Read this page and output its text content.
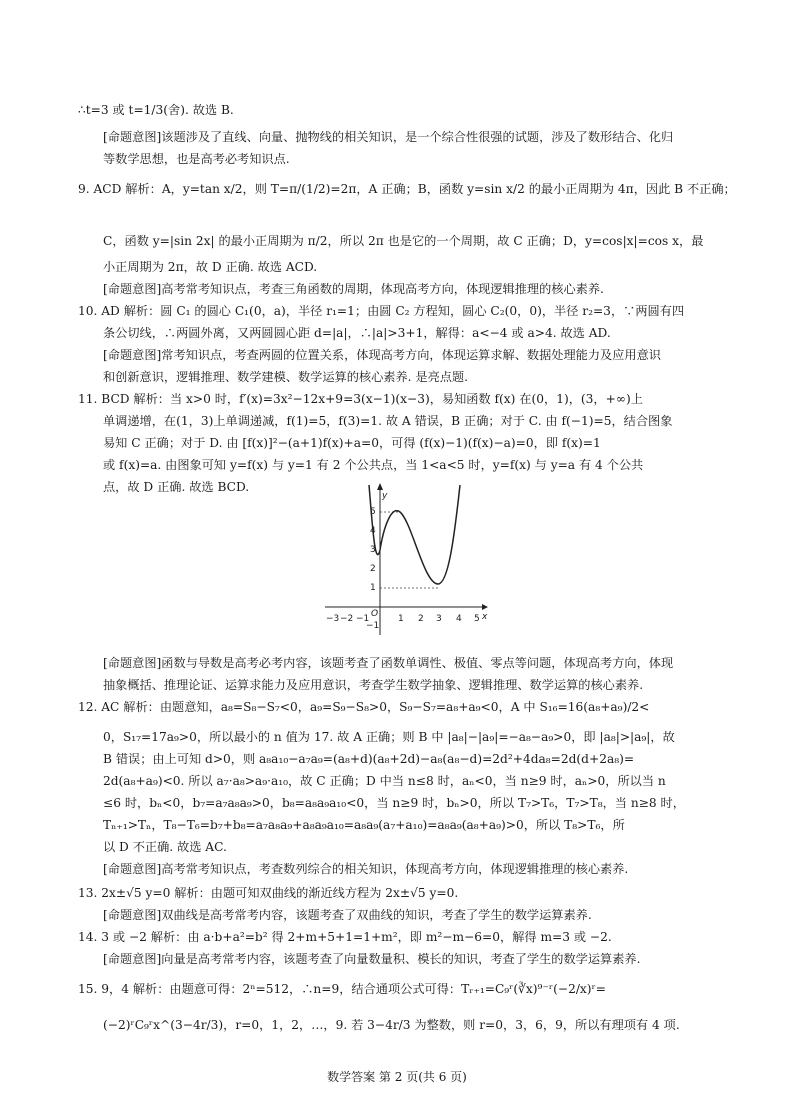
∴t=3 或 t=1/3(舍). 故选 B.
[命题意图]该题涉及了直线、向量、抛物线的相关知识，是一个综合性很强的试题，涉及了数形结合、化归
等数学思想，也是高考必考知识点.
9. ACD 解析：A，y=tan x/2，则 T=π/(1/2)=2π，A 正确；B，函数 y=sin x/2 的最小正周期为 4π，因此 B 不正确；
C，函数 y=|sin 2x| 的最小正周期为 π/2，所以 2π 也是它的一个周期，故 C 正确；D，y=cos|x|=cos x，最
小正周期为 2π，故 D 正确. 故选 ACD.
[命题意图]高考常考知识点，考查三角函数的周期，体现高考方向，体现逻辑推理的核心素养.
10. AD 解析：圆 C₁ 的圆心 C₁(0，a)，半径 r₁=1；由圆 C₂ 方程知，圆心 C₂(0，0)，半径 r₂=3，∵两圆有四
条公切线，∴两圆外离，又两圆圆心距 d=|a|，∴|a|>3+1，解得：a<−4 或 a>4. 故选 AD.
[命题意图]常考知识点，考查两圆的位置关系，体现高考方向，体现运算求解、数据处理能力及应用意识
和创新意识，逻辑推理、数学建模、数学运算的核心素养. 是亮点题.
11. BCD 解析：当 x>0 时，f′(x)=3x²−12x+9=3(x−1)(x−3)，易知函数 f(x) 在(0，1)，(3，+∞)上
单调递增，在(1，3)上单调递减，f(1)=5，f(3)=1. 故 A 错误，B 正确；对于 C. 由 f(−1)=5，结合图象
易知 C 正确；对于 D. 由 [f(x)]²−(a+1)f(x)+a=0，可得 (f(x)−1)(f(x)−a)=0，即 f(x)=1
或 f(x)=a. 由图象可知 y=f(x) 与 y=1 有 2 个公共点，当 1<a<5 时，y=f(x) 与 y=a 有 4 个公共
点，故 D 正确. 故选 BCD.
−3 −2 −1	1 2 3 4 5
y
x
O
5
4
3
2
1
−1
[命题意图]函数与导数是高考必考内容，该题考查了函数单调性、极值、零点等问题，体现高考方向，体现
抽象概括、推理论证、运算求能力及应用意识，考查学生数学抽象、逻辑推理、数学运算的核心素养.
12. AC 解析：由题意知，a₈=S₈−S₇<0，a₉=S₉−S₈>0，S₉−S₇=a₈+a₉<0，A 中 S₁₆=16(a₈+a₉)/2<
0，S₁₇=17a₉>0，所以最小的 n 值为 17. 故 A 正确；则 B 中 |a₈|−|a₉|=−a₈−a₉>0，即 |a₈|>|a₉|，故
B 错误；由上可知 d>0，则 a₈a₁₀−a₇a₉=(a₈+d)(a₈+2d)−a₈(a₈−d)=2d²+4da₈=2d(d+2a₈)=
2d(a₈+a₉)<0. 所以 a₇·a₈>a₉·a₁₀，故 C 正确；D 中当 n≤8 时，aₙ<0，当 n≥9 时，aₙ>0，所以当 n
≤6 时，bₙ<0，b₇=a₇a₈a₉>0，b₈=a₈a₉a₁₀<0，当 n≥9 时，bₙ>0，所以 T₇>T₆，T₇>T₈，当 n≥8 时，
Tₙ₊₁>Tₙ，T₈−T₆=b₇+b₈=a₇a₈a₉+a₈a₉a₁₀=a₈a₉(a₇+a₁₀)=a₈a₉(a₈+a₉)>0，所以 T₈>T₆，所
以 D 不正确. 故选 AC.
[命题意图]高考常考知识点，考查数列综合的相关知识，体现高考方向，体现逻辑推理的核心素养.
13. 2x±√5 y=0 解析：由题可知双曲线的渐近线方程为 2x±√5 y=0.
[命题意图]双曲线是高考常考内容，该题考查了双曲线的知识，考查了学生的数学运算素养.
14. 3 或 −2 解析：由 a·b+a²=b² 得 2+m+5+1=1+m²，即 m²−m−6=0，解得 m=3 或 −2.
[命题意图]向量是高考常考内容，该题考查了向量数量积、模长的知识，考查了学生的数学运算素养.
15. 9，4 解析：由题意可得：2ⁿ=512，∴n=9，结合通项公式可得：Tᵣ₊₁=C₉ʳ(∛x)⁹⁻ʳ(−2/x)ʳ=
(−2)ʳC₉ʳx^(3−4r/3)，r=0，1，2，…，9. 若 3−4r/3 为整数，则 r=0，3，6，9，所以有理项有 4 项.
数学答案 第 2 页(共 6 页)
